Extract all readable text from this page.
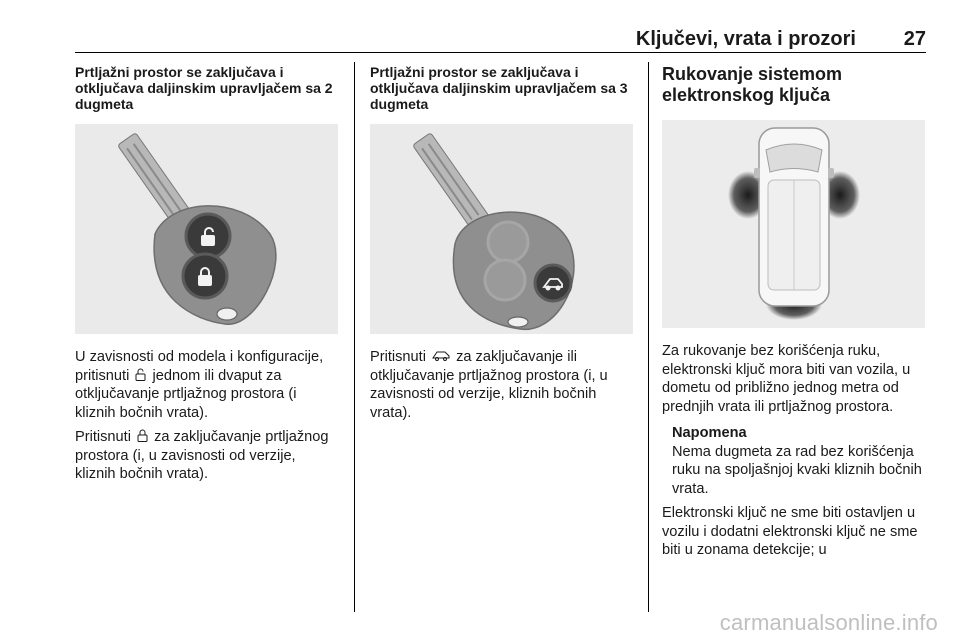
Ključevi, vrata i prozori 27

Prtljažni prostor se zaključava i otključava daljinskim upravljačem sa 2 dugmeta

U zavisnosti od modela i konfiguracije, pritisnuti jednom ili dvaput za otključavanje prtljažnog prostora (i kliznih bočnih vrata).

Pritisnuti za zaključavanje prtljažnog prostora (i, u zavisnosti od verzije, kliznih bočnih vrata).

Prtljažni prostor se zaključava i otključava daljinskim upravljačem sa 3 dugmeta

Pritisnuti za zaključavanje ili otključavanje prtljažnog prostora (i, u zavisnosti od verzije, kliznih bočnih vrata).

Rukovanje sistemom elektronskog ključa

Za rukovanje bez korišćenja ruku, elektronski ključ mora biti van vozila, u dometu od približno jednog metra od prednjih vrata ili prtljažnog prostora.

Napomena
Nema dugmeta za rad bez korišćenja ruku na spoljašnjoj kvaki kliznih bočnih vrata.

Elektronski ključ ne sme biti ostavljen u vozilu i dodatni elektronski ključ ne sme biti u zonama detekcije; u

carmanualsonline.info
